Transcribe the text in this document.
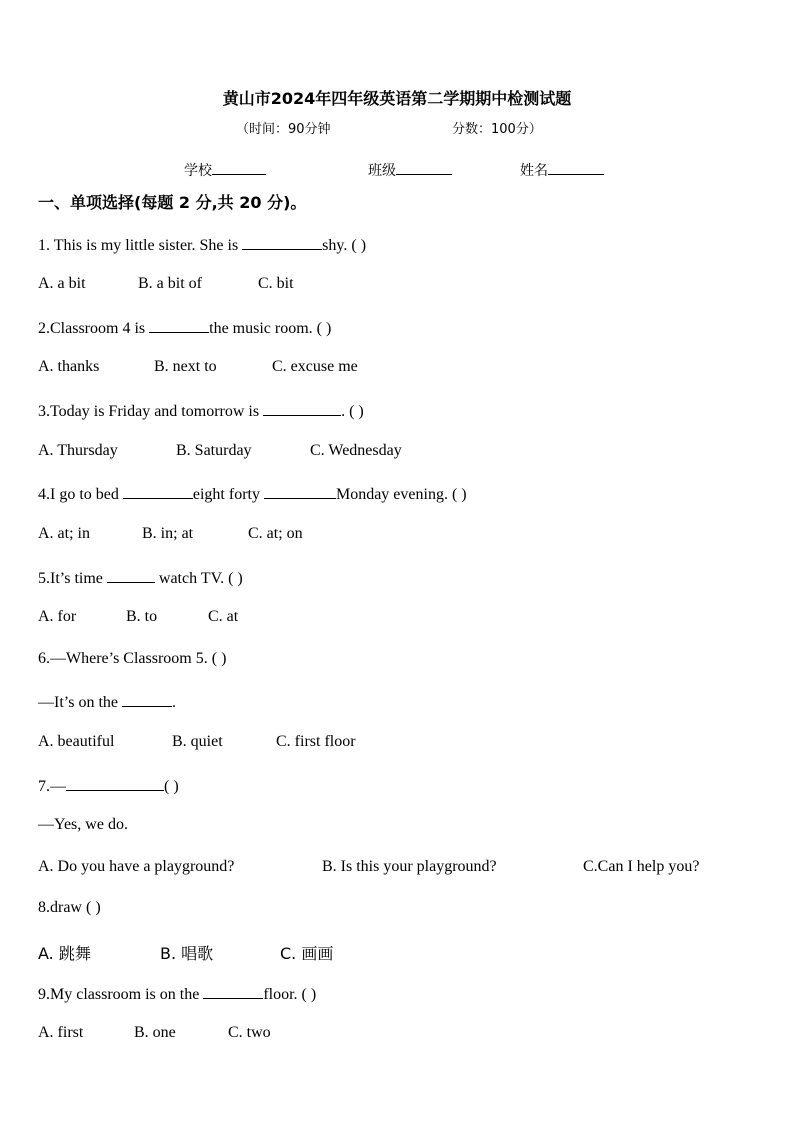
黄山市2024年四年级英语第二学期期中检测试题
（时间：90分钟	分数：100分）
学校	班级	姓名
一、单项选择(每题 2 分,共 20 分)。
1. This is my little sister. She is	shy. ( )
A. a bit	B. a bit of	C. bit
2.Classroom 4 is	the music room. ( )
A. thanks	B. next to	C. excuse me
3.Today is Friday and tomorrow is	. ( )
A. Thursday	B. Saturday	C. Wednesday
4.I go to bed	eight forty	Monday evening. ( )
A. at; in	B. in; at	C. at; on
5.It’s time	watch TV. ( )
A. for	B. to	C. at
6.—Where’s Classroom 5. ( )
—It’s on the	.
A. beautiful	B. quiet	C. first floor
7.—	( )
—Yes, we do.
A. Do you have a playground?	B. Is this your playground?	C.Can I help you?
8.draw ( )
A. 跳舞	B. 唱歌	C. 画画
9.My classroom is on the	floor. ( )
A. first	B. one	C. two
